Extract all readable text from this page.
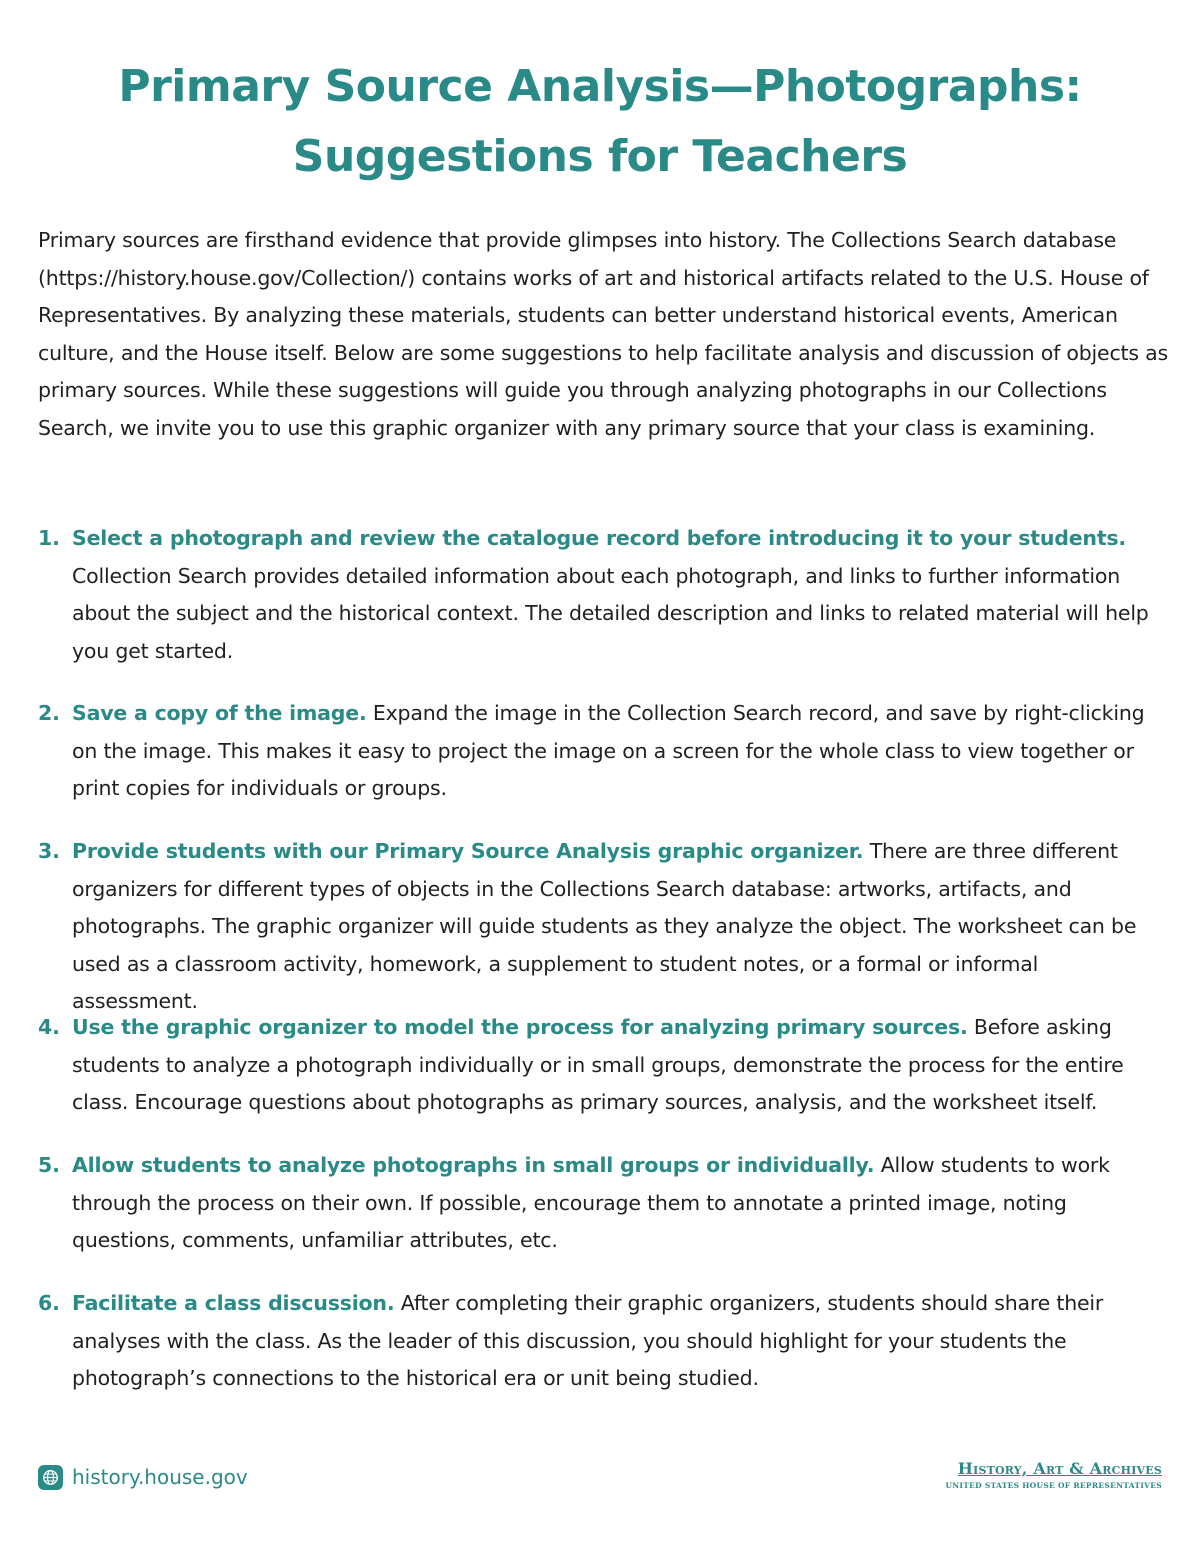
Primary Source Analysis—Photographs:
Suggestions for Teachers
Primary sources are firsthand evidence that provide glimpses into history. The Collections Search database (https://history.house.gov/Collection/) contains works of art and historical artifacts related to the U.S. House of Representatives. By analyzing these materials, students can better understand historical events, American culture, and the House itself. Below are some suggestions to help facilitate analysis and discussion of objects as primary sources. While these suggestions will guide you through analyzing photographs in our Collections Search, we invite you to use this graphic organizer with any primary source that your class is examining.
1. Select a photograph and review the catalogue record before introducing it to your students. Collection Search provides detailed information about each photograph, and links to further information about the subject and the historical context. The detailed description and links to related material will help you get started.
2. Save a copy of the image. Expand the image in the Collection Search record, and save by right-clicking on the image. This makes it easy to project the image on a screen for the whole class to view together or print copies for individuals or groups.
3. Provide students with our Primary Source Analysis graphic organizer. There are three different organizers for different types of objects in the Collections Search database: artworks, artifacts, and photographs. The graphic organizer will guide students as they analyze the object. The worksheet can be used as a classroom activity, homework, a supplement to student notes, or a formal or informal assessment.
4. Use the graphic organizer to model the process for analyzing primary sources. Before asking students to analyze a photograph individually or in small groups, demonstrate the process for the entire class. Encourage questions about photographs as primary sources, analysis, and the worksheet itself.
5. Allow students to analyze photographs in small groups or individually. Allow students to work through the process on their own. If possible, encourage them to annotate a printed image, noting questions, comments, unfamiliar attributes, etc.
6. Facilitate a class discussion. After completing their graphic organizers, students should share their analyses with the class. As the leader of this discussion, you should highlight for your students the photograph’s connections to the historical era or unit being studied.
history.house.gov	History, Art & Archives
UNITED STATES HOUSE OF REPRESENTATIVES
